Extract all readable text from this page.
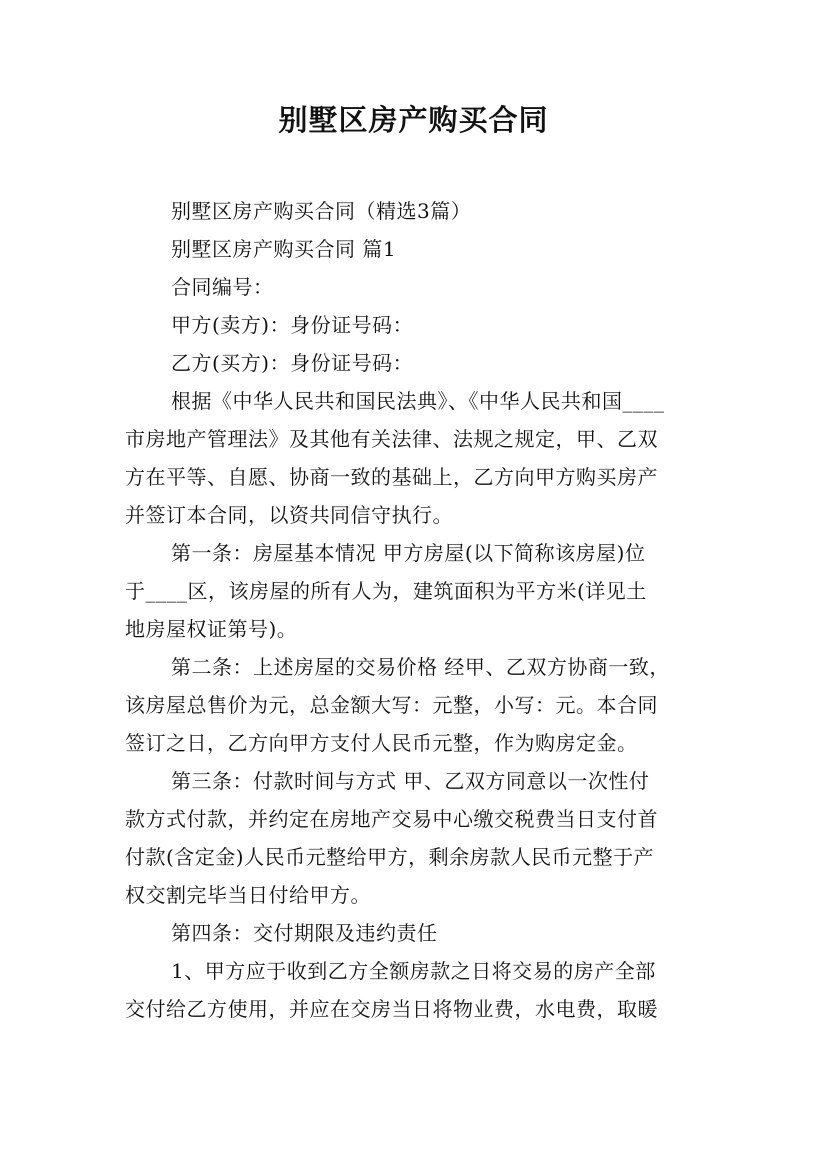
别墅区房产购买合同
别墅区房产购买合同（精选3篇）
别墅区房产购买合同 篇1
合同编号：
甲方(卖方)：身份证号码：
乙方(买方)：身份证号码：
根据《中华人民共和国民法典》、《中华人民共和国____
市房地产管理法》及其他有关法律、法规之规定，甲、乙双
方在平等、自愿、协商一致的基础上，乙方向甲方购买房产
并签订本合同，以资共同信守执行。
第一条：房屋基本情况 甲方房屋(以下简称该房屋)位
于____区，该房屋的所有人为，建筑面积为平方米(详见土
地房屋权证第号)。
第二条：上述房屋的交易价格 经甲、乙双方协商一致，
该房屋总售价为元，总金额大写：元整，小写：元。本合同
签订之日，乙方向甲方支付人民币元整，作为购房定金。
第三条：付款时间与方式 甲、乙双方同意以一次性付
款方式付款，并约定在房地产交易中心缴交税费当日支付首
付款(含定金)人民币元整给甲方，剩余房款人民币元整于产
权交割完毕当日付给甲方。
第四条：交付期限及违约责任
1、甲方应于收到乙方全额房款之日将交易的房产全部
交付给乙方使用，并应在交房当日将物业费，水电费，取暖
